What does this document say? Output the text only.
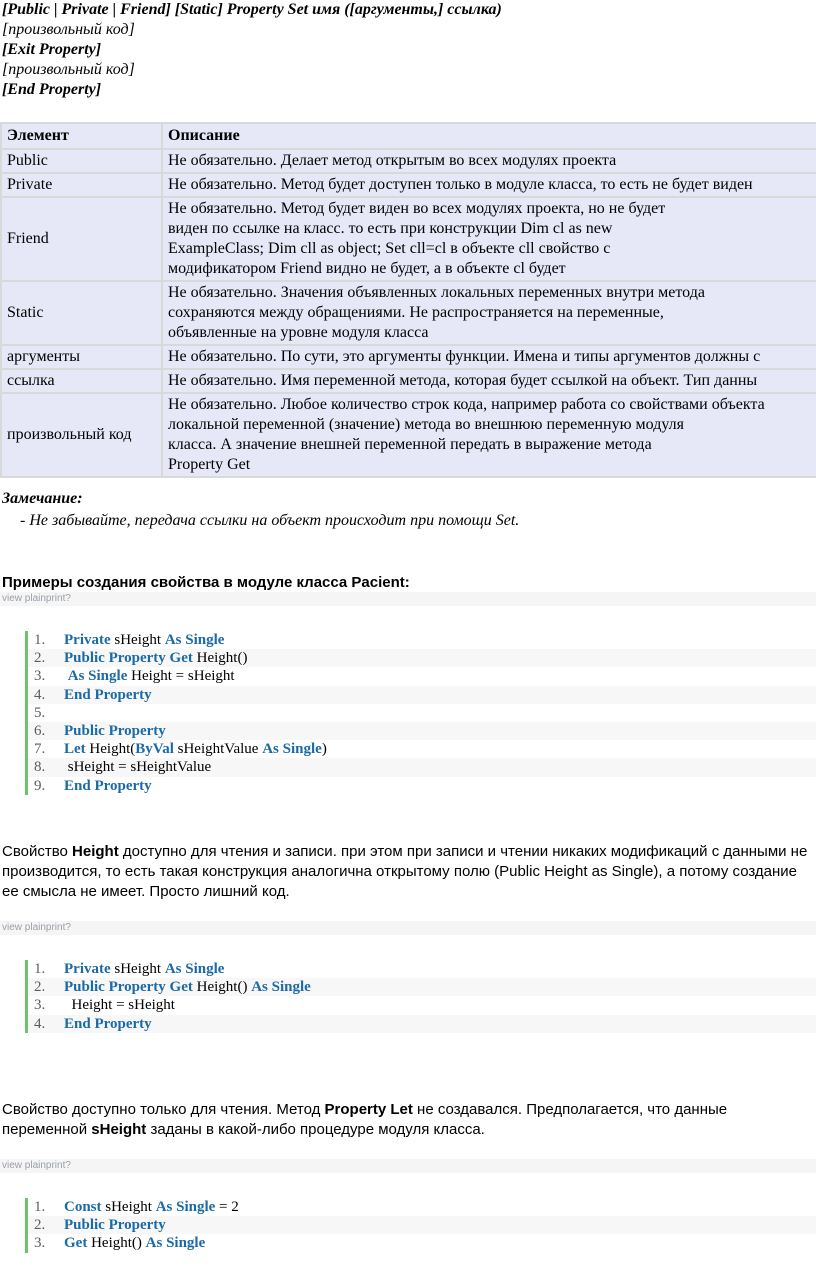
[Public | Private | Friend] [Static] Property Set имя ([аргументы,] ссылка)
[произвольный код]
[Exit Property]
[произвольный код]
[End Property]
Элемент	Описание
Public	Не обязательно. Делает метод открытым во всех модулях проекта

Private	Не обязательно. Метод будет доступен только в модуле класса, то есть не будет виден

Friend	Не обязательно. Метод будет виден во всех модулях проекта, но не будет
виден по ссылке на класс. то есть при конструкции Dim cl as new
ExampleClass; Dim cll as object; Set cll=cl в объекте cll свойство с
модификатором Friend видно не будет, а в объекте cl будет

Static	Не обязательно. Значения объявленных локальных переменных внутри метода
сохраняются между обращениями. Не распространяется на переменные,
объявленные на уровне модуля класса

аргументы	Не обязательно. По сути, это аргументы функции. Имена и типы аргументов должны с

ссылка	Не обязательно. Имя переменной метода, которая будет ссылкой на объект. Тип данны

произвольный код	Не обязательно. Любое количество строк кода, например работа со свойствами объекта
локальной переменной (значение) метода во внешнюю переменную модуля
класса. А значение внешней переменной передать в выражение метода
Property Get
Замечание:
- Не забывайте, передача ссылки на объект происходит при помощи Set.
Примеры создания свойства в модуле класса Pacient:
view plainprint?
1.	Private sHeight As Single
2.	Public Property Get Height()
3.	As Single Height = sHeight
4.	End Property
5.
6.	Public Property
7.	Let Height(ByVal sHeightValue As Single)
8.	sHeight = sHeightValue
9.	End Property
Свойство Height доступно для чтения и записи. при этом при записи и чтении никаких модификаций с данными не производится, то есть такая конструкция аналогична открытому полю (Public Height as Single), а потому создание ее смысла не имеет. Просто лишний код.
view plainprint?
1.	Private sHeight As Single
2.	Public Property Get Height() As Single
3.	Height = sHeight
4.	End Property
Свойство доступно только для чтения. Метод Property Let не создавался. Предполагается, что данные переменной sHeight заданы в какой-либо процедуре модуля класса.
view plainprint?
1.	Const sHeight As Single = 2
2.	Public Property
3.	Get Height() As Single
